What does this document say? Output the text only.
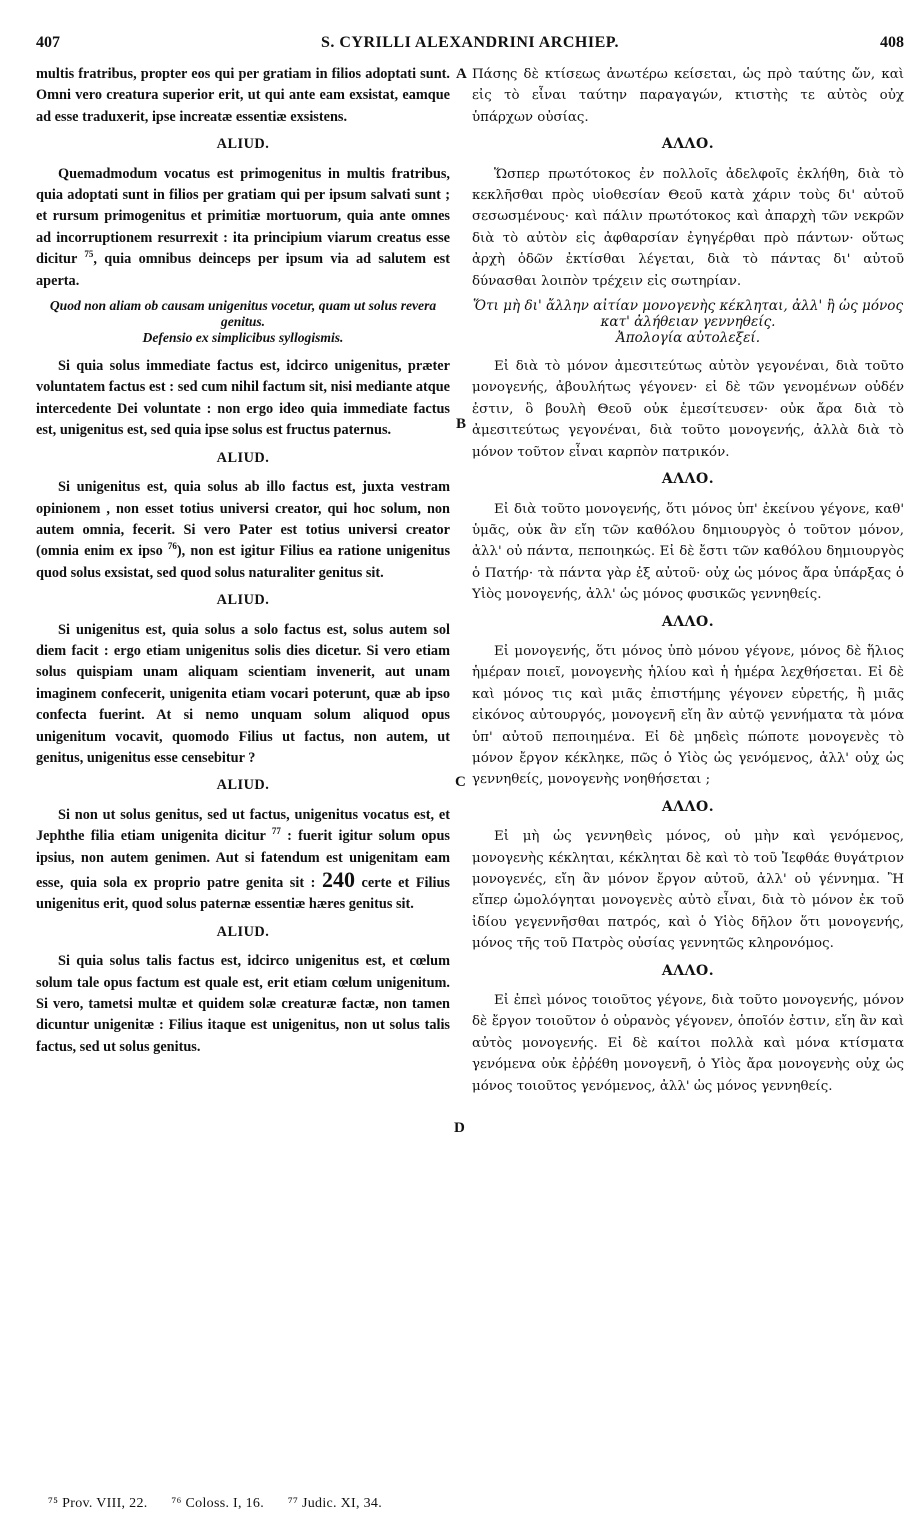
407	S. CYRILLI ALEXANDRINI ARCHIEP.	408
A
B
C
D

multis fratribus, propter eos qui per gratiam in filios adoptati sunt. Omni vero creatura superior erit, ut qui ante eam exsistat, eamque ad esse traduxerit, ipse increatæ essentiæ exsistens.

ALIUD.

Quemadmodum vocatus est primogenitus in multis fratribus, quia adoptati sunt in filios per gratiam qui per ipsum salvati sunt ; et rursum primogenitus et primitiæ mortuorum, quia ante omnes ad incorruptionem resurrexit : ita principium viarum creatus esse dicitur $^{75}$, quia omnibus deinceps per ipsum via ad salutem est aperta.

Quod non aliam ob causam unigenitus vocetur, quam ut solus revera genitus.
Defensio ex simplicibus syllogismis.

Si quia solus immediate factus est, idcirco unigenitus, præter voluntatem factus est : sed cum nihil factum sit, nisi mediante atque intercedente Dei voluntate : non ergo ideo quia immediate factus est, unigenitus est, sed quia ipse solus est fructus paternus.

ALIUD.

Si unigenitus est, quia solus ab illo factus est, juxta vestram opinionem , non esset totius universi creator, qui hoc solum, non autem omnia, fecerit. Si vero Pater est totius universi creator (omnia enim ex ipso $^{76}$), non est igitur Filius ea ratione unigenitus quod solus exsistat, sed quod solus naturaliter genitus sit.

ALIUD.

Si unigenitus est, quia solus a solo factus est, solus autem sol diem facit : ergo etiam unigenitus solis dies dicetur. Si vero etiam solus quispiam unam aliquam scientiam invenerit, aut unam imaginem confecerit, unigenita etiam vocari poterunt, quæ ab ipso confecta fuerint. At si nemo unquam solum aliquod opus unigenitum vocavit, quomodo Filius ut factus, non autem, ut genitus, unigenitus esse censebitur ?

ALIUD.

Si non ut solus genitus, sed ut factus, unigenitus vocatus est, et Jephthe filia etiam unigenita dicitur $^{77}$ : fuerit igitur solum opus ipsius, non autem genimen. Aut si fatendum est unigenitam eam esse, quia sola ex proprio patre genita sit : 240 certe et Filius unigenitus erit, quod solus paternæ essentiæ hæres genitus sit.

ALIUD.

Si quia solus talis factus est, idcirco unigenitus est, et cœlum solum tale opus factum est quale est, erit etiam cœlum unigenitum. Si vero, tametsi multæ et quidem solæ creaturæ factæ, non tamen dicuntur unigenitæ : Filius itaque est unigenitus, non ut solus talis factus, sed ut solus genitus.

Πάσης δὲ κτίσεως ἀνωτέρω κείσεται, ὡς πρὸ ταύτης ὤν, καὶ εἰς τὸ εἶναι ταύτην παραγαγών, κτιστὴς τε αὐτὸς οὐχ ὑπάρχων οὐσίας.

ΑΛΛΟ.

Ὥσπερ πρωτότοκος ἐν πολλοῖς ἀδελφοῖς ἐκλήθη, διὰ τὸ κεκλῆσθαι πρὸς υἱοθεσίαν Θεοῦ κατὰ χάριν τοὺς δι' αὐτοῦ σεσωσμένους· καὶ πάλιν πρωτότοκος καὶ ἀπαρχὴ τῶν νεκρῶν διὰ τὸ αὐτὸν εἰς ἀφθαρσίαν ἐγηγέρθαι πρὸ πάντων· οὕτως ἀρχὴ ὁδῶν ἐκτίσθαι λέγεται, διὰ τὸ πάντας δι' αὐτοῦ δύνασθαι λοιπὸν τρέχειν εἰς σωτηρίαν.

Ὅτι μὴ δι' ἄλλην αἰτίαν μονογενὴς κέκληται, ἀλλ' ἢ ὡς μόνος κατ' ἀλήθειαν γεννηθείς.
Ἀπολογία αὐτολεξεί.

Εἰ διὰ τὸ μόνον ἀμεσιτεύτως αὐτὸν γεγονέναι, διὰ τοῦτο μονογενής, ἀβουλήτως γέγονεν· εἰ δὲ τῶν γενομένων οὐδέν ἐστιν, ὃ βουλὴ Θεοῦ οὐκ ἐμεσίτευσεν· οὐκ ἄρα διὰ τὸ ἀμεσιτεύτως γεγονέναι, διὰ τοῦτο μονογενής, ἀλλὰ διὰ τὸ μόνον τοῦτον εἶναι καρπὸν πατρικόν.

ΑΛΛΟ.

Εἰ διὰ τοῦτο μονογενής, ὅτι μόνος ὑπ' ἐκείνου γέγονε, καθ' ὑμᾶς, οὐκ ἂν εἴη τῶν καθόλου δημιουργὸς ὁ τοῦτον μόνον, ἀλλ' οὐ πάντα, πεποιηκώς. Εἰ δὲ ἔστι τῶν καθόλου δημιουργὸς ὁ Πατήρ· τὰ πάντα γὰρ ἐξ αὐτοῦ· οὐχ ὡς μόνος ἄρα ὑπάρξας ὁ Υἱὸς μονογενής, ἀλλ' ὡς μόνος φυσικῶς γεννηθείς.

ΑΛΛΟ.

Εἰ μονογενής, ὅτι μόνος ὑπὸ μόνου γέγονε, μόνος δὲ ἥλιος ἡμέραν ποιεῖ, μονογενὴς ἡλίου καὶ ἡ ἡμέρα λεχθήσεται. Εἰ δὲ καὶ μόνος τις καὶ μιᾶς ἐπιστήμης γέγονεν εὑρετής, ἢ μιᾶς εἰκόνος αὐτουργός, μονογενῆ εἴη ἂν αὐτῷ γεννήματα τὰ μόνα ὑπ' αὐτοῦ πεποιημένα. Εἰ δὲ μηδεὶς πώποτε μονογενὲς τὸ μόνον ἔργον κέκληκε, πῶς ὁ Υἱὸς ὡς γενόμενος, ἀλλ' οὐχ ὡς γεννηθείς, μονογενὴς νοηθήσεται ;

ΑΛΛΟ.

Εἰ μὴ ὡς γεννηθεὶς μόνος, οὐ μὴν καὶ γενόμενος, μονογενὴς κέκληται, κέκληται δὲ καὶ τὸ τοῦ Ἰεφθάε θυγάτριον μονογενές, εἴη ἂν μόνον ἔργον αὐτοῦ, ἀλλ' οὐ γέννημα. Ἢ εἴπερ ὡμολόγηται μονογενὲς αὐτὸ εἶναι, διὰ τὸ μόνον ἐκ τοῦ ἰδίου γεγεννῆσθαι πατρός, καὶ ὁ Υἱὸς δῆλον ὅτι μονογενής, μόνος τῆς τοῦ Πατρὸς οὐσίας γεννητῶς κληρονόμος.

ΑΛΛΟ.

Εἰ ἐπεὶ μόνος τοιοῦτος γέγονε, διὰ τοῦτο μονογενής, μόνον δὲ ἔργον τοιοῦτον ὁ οὐρανὸς γέγονεν, ὁποῖόν ἐστιν, εἴη ἂν καὶ αὐτὸς μονογενής. Εἰ δὲ καίτοι πολλὰ καὶ μόνα κτίσματα γενόμενα οὐκ ἐῤῥέθη μονογενῆ, ὁ Υἱὸς ἄρα μονογενὴς οὐχ ὡς μόνος τοιοῦτος γενόμενος, ἀλλ' ὡς μόνος γεννηθείς.

⁷⁵ Prov. VIII, 22. ⁷⁶ Coloss. I, 16. ⁷⁷ Judic. XI, 34.
